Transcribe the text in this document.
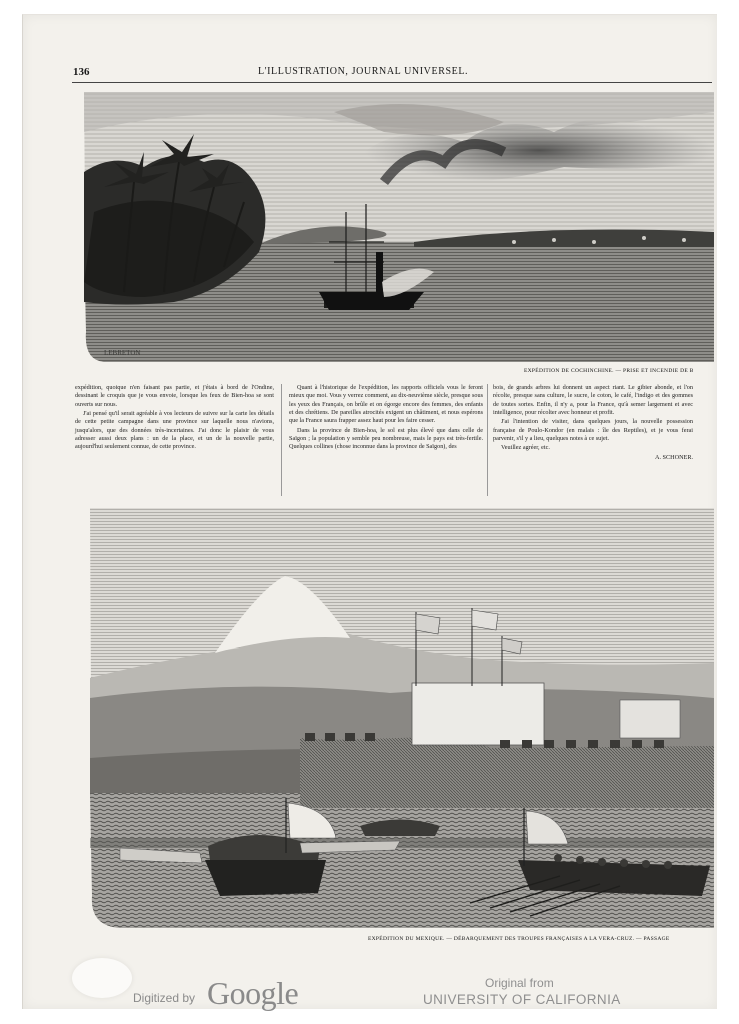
136	L'ILLUSTRATION, JOURNAL UNIVERSEL.
LEBRETON
EXPÉDITION DE COCHINCHINE. — PRISE ET INCENDIE DE B

expédition, quoique n'en faisant pas partie, et j'étais à bord de l'Ondine, dessinant le croquis que je vous envoie, lorsque les feux de Bien-hoa se sont ouverts sur nous.

J'ai pensé qu'il serait agréable à vos lecteurs de suivre sur la carte les détails de cette petite campagne dans une province sur laquelle nous n'avions, jusqu'alors, que des données très-incertaines. J'ai donc le plaisir de vous adresser aussi deux plans : un de la place, et un de la nouvelle partie, aujourd'hui seulement connue, de cette province.

Quant à l'historique de l'expédition, les rapports officiels vous le feront mieux que moi. Vous y verrez comment, au dix-neuvième siècle, presque sous les yeux des Français, on brûle et on égorge encore des femmes, des enfants et des chrétiens. De pareilles atrocités exigent un châtiment, et nous espérons que la France saura frapper assez haut pour les faire cesser.

Dans la province de Bien-hoa, le sol est plus élevé que dans celle de Saïgon ; la population y semble peu nombreuse, mais le pays est très-fertile. Quelques collines (chose inconnue dans la province de Saïgon), des

bois, de grands arbres lui donnent un aspect riant. Le gibier abonde, et l'on récolte, presque sans culture, le sucre, le coton, le café, l'indigo et des gommes de toutes sortes. Enfin, il n'y a, pour la France, qu'à semer largement et avec intelligence, pour récolter avec honneur et profit.

J'ai l'intention de visiter, dans quelques jours, la nouvelle possession française de Poulo-Kondor (en malais : île des Reptiles), et je vous ferai parvenir, s'il y a lieu, quelques notes à ce sujet.

Veuillez agréer, etc.

A. SCHONER.
EXPÉDITION DU MEXIQUE. — DÉBARQUEMENT DES TROUPES FRANÇAISES A LA VERA-CRUZ. — PASSAGE
Digitized by Google	Original from
UNIVERSITY OF CALIFORNIA
